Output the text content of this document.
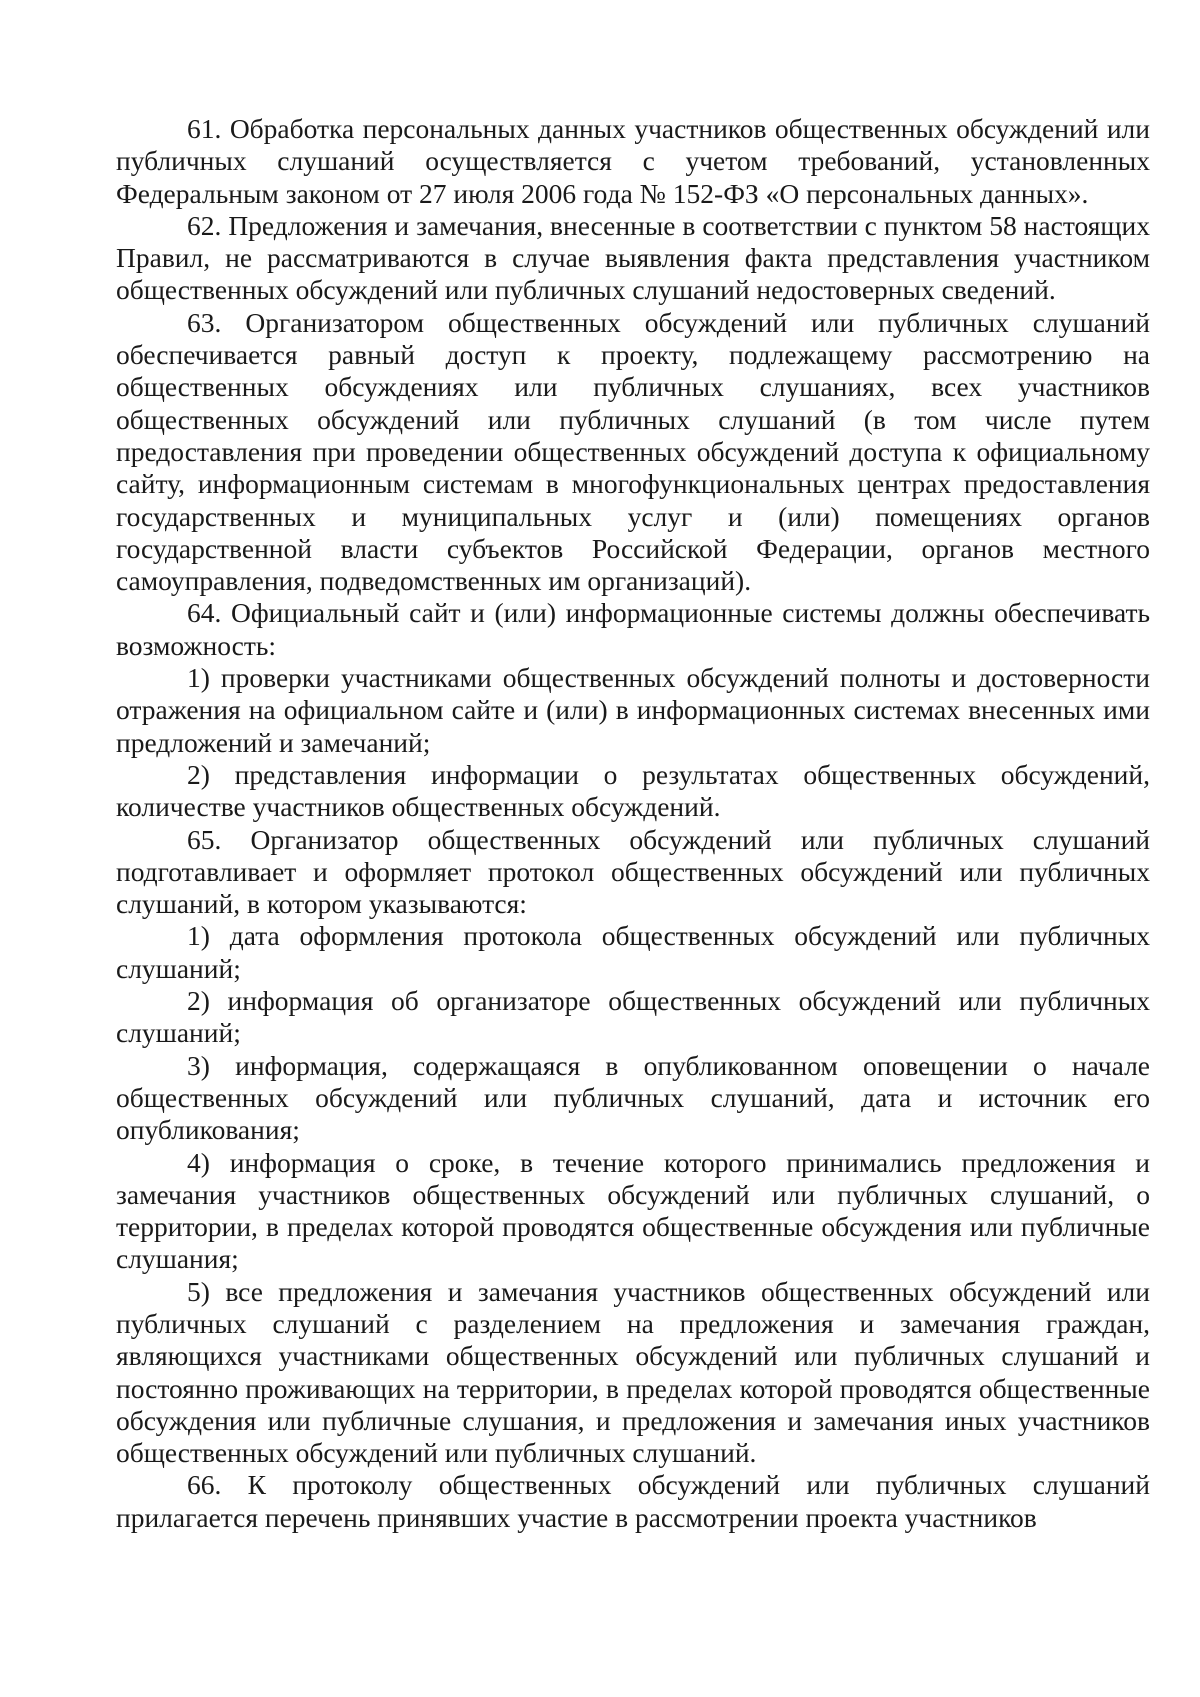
61. Обработка персональных данных участников общественных обсуждений или публичных слушаний осуществляется с учетом требований, установленных Федеральным законом от 27 июля 2006 года № 152-ФЗ «О персональных данных».

62. Предложения и замечания, внесенные в соответствии с пунктом 58 настоящих Правил, не рассматриваются в случае выявления факта представления участником общественных обсуждений или публичных слушаний недостоверных сведений.

63. Организатором общественных обсуждений или публичных слушаний обеспечивается равный доступ к проекту, подлежащему рассмотрению на общественных обсуждениях или публичных слушаниях, всех участников общественных обсуждений или публичных слушаний (в том числе путем предоставления при проведении общественных обсуждений доступа к официальному сайту, информационным системам в многофункциональных центрах предоставления государственных и муниципальных услуг и (или) помещениях органов государственной власти субъектов Российской Федерации, органов местного самоуправления, подведомственных им организаций).

64. Официальный сайт и (или) информационные системы должны обеспечивать возможность:

1) проверки участниками общественных обсуждений полноты и достоверности отражения на официальном сайте и (или) в информационных системах внесенных ими предложений и замечаний;

2) представления информации о результатах общественных обсуждений, количестве участников общественных обсуждений.

65. Организатор общественных обсуждений или публичных слушаний подготавливает и оформляет протокол общественных обсуждений или публичных слушаний, в котором указываются:

1) дата оформления протокола общественных обсуждений или публичных слушаний;

2) информация об организаторе общественных обсуждений или публичных слушаний;

3) информация, содержащаяся в опубликованном оповещении о начале общественных обсуждений или публичных слушаний, дата и источник его опубликования;

4) информация о сроке, в течение которого принимались предложения и замечания участников общественных обсуждений или публичных слушаний, о территории, в пределах которой проводятся общественные обсуждения или публичные слушания;

5) все предложения и замечания участников общественных обсуждений или публичных слушаний с разделением на предложения и замечания граждан, являющихся участниками общественных обсуждений или публичных слушаний и постоянно проживающих на территории, в пределах которой проводятся общественные обсуждения или публичные слушания, и предложения и замечания иных участников общественных обсуждений или публичных слушаний.

66. К протоколу общественных обсуждений или публичных слушаний прилагается перечень принявших участие в рассмотрении проекта участников
